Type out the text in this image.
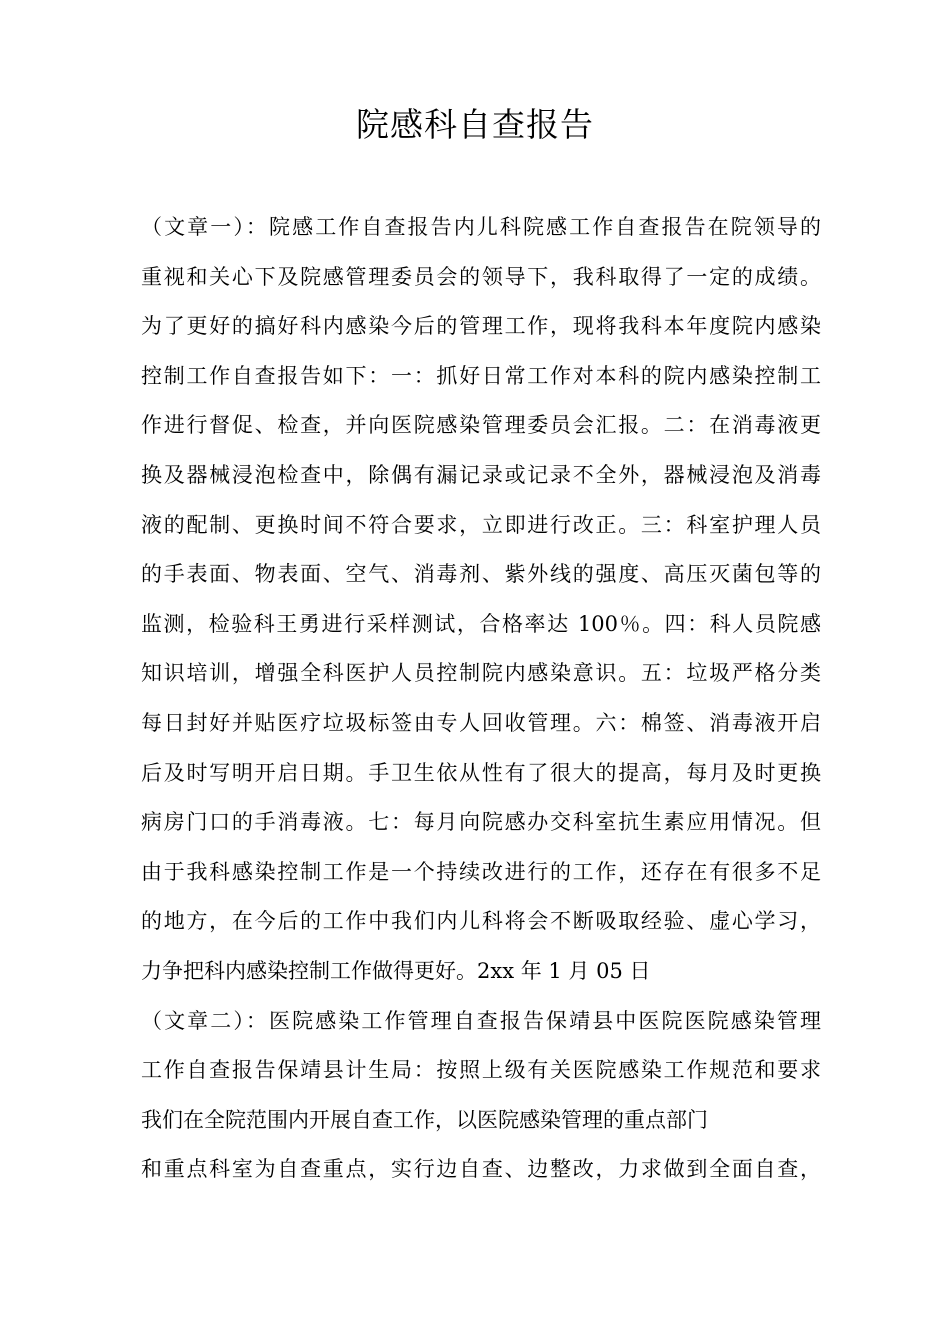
院感科自查报告
（文章一）：院感工作自查报告内儿科院感工作自查报告在院领导的
重视和关心下及院感管理委员会的领导下，我科取得了一定的成绩。
为了更好的搞好科内感染今后的管理工作，现将我科本年度院内感染
控制工作自查报告如下：一：抓好日常工作对本科的院内感染控制工
作进行督促、检查，并向医院感染管理委员会汇报。二：在消毒液更
换及器械浸泡检查中，除偶有漏记录或记录不全外，器械浸泡及消毒
液的配制、更换时间不符合要求，立即进行改正。三：科室护理人员
的手表面、物表面、空气、消毒剂、紫外线的强度、高压灭菌包等的
监测，检验科王勇进行采样测试，合格率达 100％。四：科人员院感
知识培训，增强全科医护人员控制院内感染意识。五：垃圾严格分类
每日封好并贴医疗垃圾标签由专人回收管理。六：棉签、消毒液开启
后及时写明开启日期。手卫生依从性有了很大的提高，每月及时更换
病房门口的手消毒液。七：每月向院感办交科室抗生素应用情况。但
由于我科感染控制工作是一个持续改进行的工作，还存在有很多不足
的地方，在今后的工作中我们内儿科将会不断吸取经验、虚心学习，
力争把科内感染控制工作做得更好。2xx 年 1 月 05 日
（文章二）：医院感染工作管理自查报告保靖县中医院医院感染管理
工作自查报告保靖县计生局：按照上级有关医院感染工作规范和要求
我们在全院范围内开展自查工作，以医院感染管理的重点部门
和重点科室为自查重点，实行边自查、边整改，力求做到全面自查，
